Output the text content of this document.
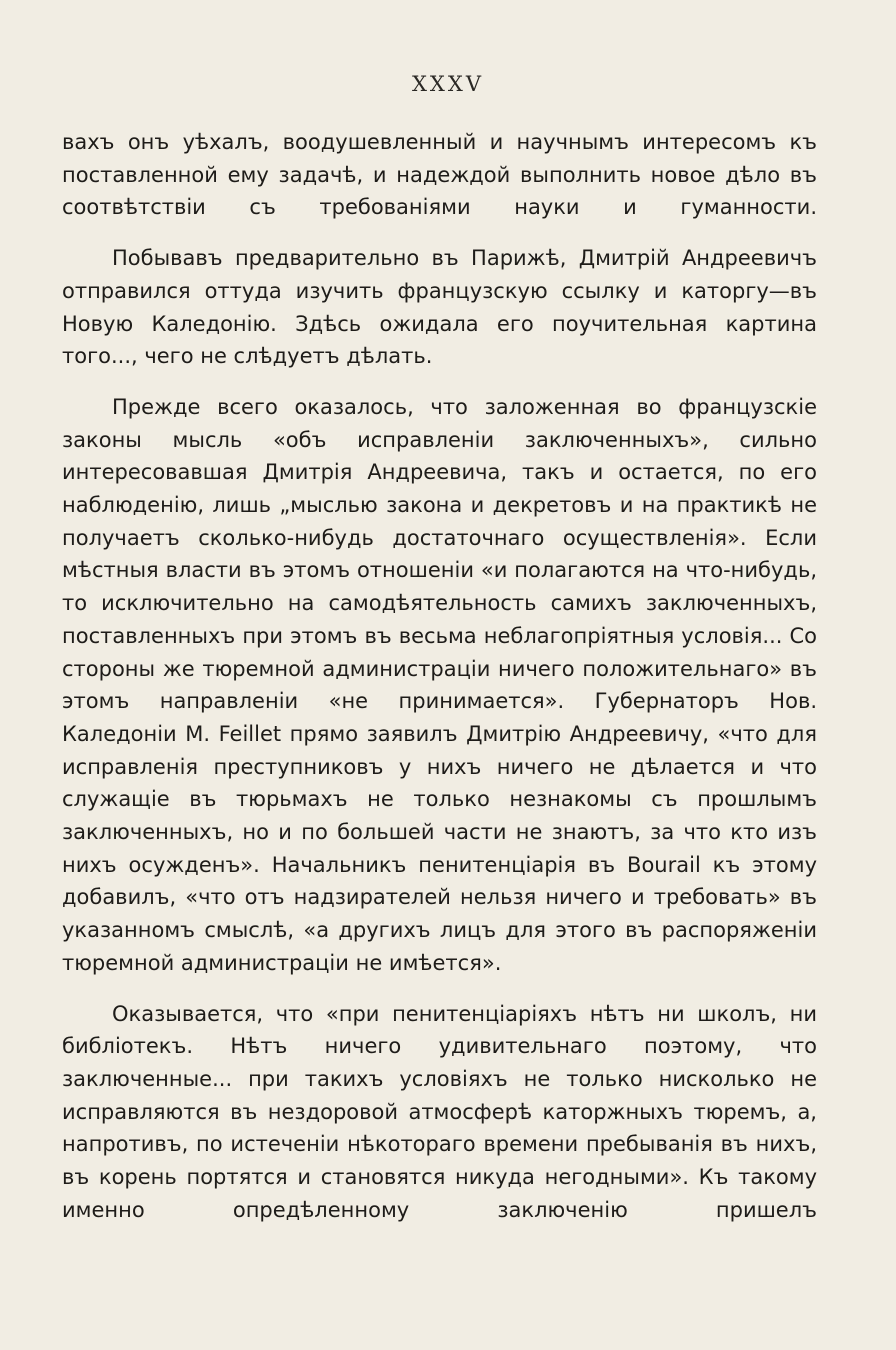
XXXV

вахъ онъ уѣхалъ, воодушевленный и научнымъ интересомъ къ поставленной ему задачѣ, и надеждой выполнить новое дѣло въ соотвѣтствіи съ требованіями науки и гуманности.

Побывавъ предварительно въ Парижѣ, Дмитрій Андреевичъ отправился оттуда изучить французскую ссылку и каторгу—въ Новую Каледонію. Здѣсь ожидала его поучительная картина того..., чего не слѣдуетъ дѣлать.

Прежде всего оказалось, что заложенная во французскіе законы мысль «объ исправленіи заключенныхъ», сильно интересовавшая Дмитрія Андреевича, такъ и остается, по его наблюденію, лишь „мыслью закона и декретовъ и на практикѣ не получаетъ сколько-нибудь достаточнаго осуществленія». Если мѣстныя власти въ этомъ отношеніи «и полагаются на что-нибудь, то исключительно на самодѣятельность самихъ заключенныхъ, поставленныхъ при этомъ въ весьма неблагопріятныя условія... Со стороны же тюремной администраціи ничего положительнаго» въ этомъ направленіи «не принимается». Губернаторъ Нов. Каледоніи M. Feillet прямо заявилъ Дмитрію Андреевичу, «что для исправленія преступниковъ у нихъ ничего не дѣлается и что служащіе въ тюрьмахъ не только незнакомы съ прошлымъ заключенныхъ, но и по большей части не знаютъ, за что кто изъ нихъ осужденъ». Начальникъ пенитенціарія въ Bourail къ этому добавилъ, «что отъ надзирателей нельзя ничего и требовать» въ указанномъ смыслѣ, «а другихъ лицъ для этого въ распоряженіи тюремной администраціи не имѣется».

Оказывается, что «при пенитенціаріяхъ нѣтъ ни школъ, ни библіотекъ. Нѣтъ ничего удивительнаго поэтому, что заключенные... при такихъ условіяхъ не только нисколько не исправляются въ нездоровой атмосферѣ каторжныхъ тюремъ, а, напротивъ, по истеченіи нѣкотораго времени пребыванія въ нихъ, въ корень портятся и становятся никуда негодными». Къ такому именно опредѣленному заключенію пришелъ
